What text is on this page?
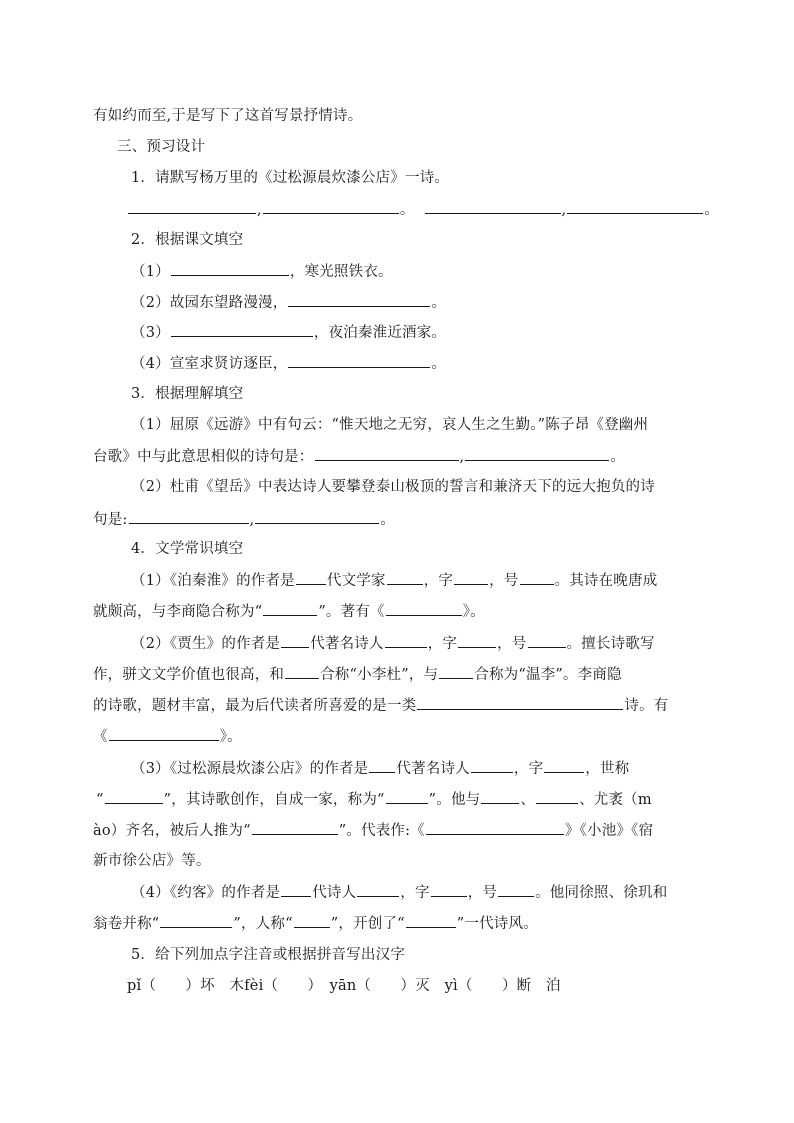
有如约而至,于是写下了这首写景抒情诗。
三、预习设计
1．请默写杨万里的《过松源晨炊漆公店》一诗。
,	。	,	。
2．根据课文填空
（1）	，寒光照铁衣。
（2）故园东望路漫漫，	。
（3）	，夜泊秦淮近酒家。
（4）宣室求贤访逐臣，	。
3．根据理解填空
（1）屈原《远游》中有句云：“惟天地之无穷，哀人生之生勤。”陈子昂《登幽州
台歌》中与此意思相似的诗句是：	,	。
（2）杜甫《望岳》中表达诗人要攀登泰山极顶的誓言和兼济天下的远大抱负的诗
句是:	,	。
4．文学常识填空
（1）《泊秦淮》的作者是 代文学家	，字 ，号 。其诗在晚唐成
就颇高，与李商隐合称为“	”。著有《	》。
（2）《贾生》的作者是 代著名诗人	，字	，号	。擅长诗歌写
作，骈文文学价值也很高，和 合称“小李杜”，与 合称为“温李”。李商隐
的诗歌，题材丰富，最为后代读者所喜爱的是一类	诗。有
《	》。
（3）《过松源晨炊漆公店》的作者是 代著名诗人	，字	，世称
“	”，其诗歌创作，自成一家，称为“	”。他与	、	、尤袤（m
ào）齐名，被后人推为“	”。代表作:《	》《小池》《宿
新市徐公店》等。
（4）《约客》的作者是 代诗人	，字	，号	。他同徐照、徐玑和
翁卷并称“	”，人称“	”，开创了“	”一代诗风。
5．给下列加点字注音或根据拼音写出汉字
pǐ（　　）坏　木fèi（　　）　yān（　　）灭　yì（　　）断　泊
